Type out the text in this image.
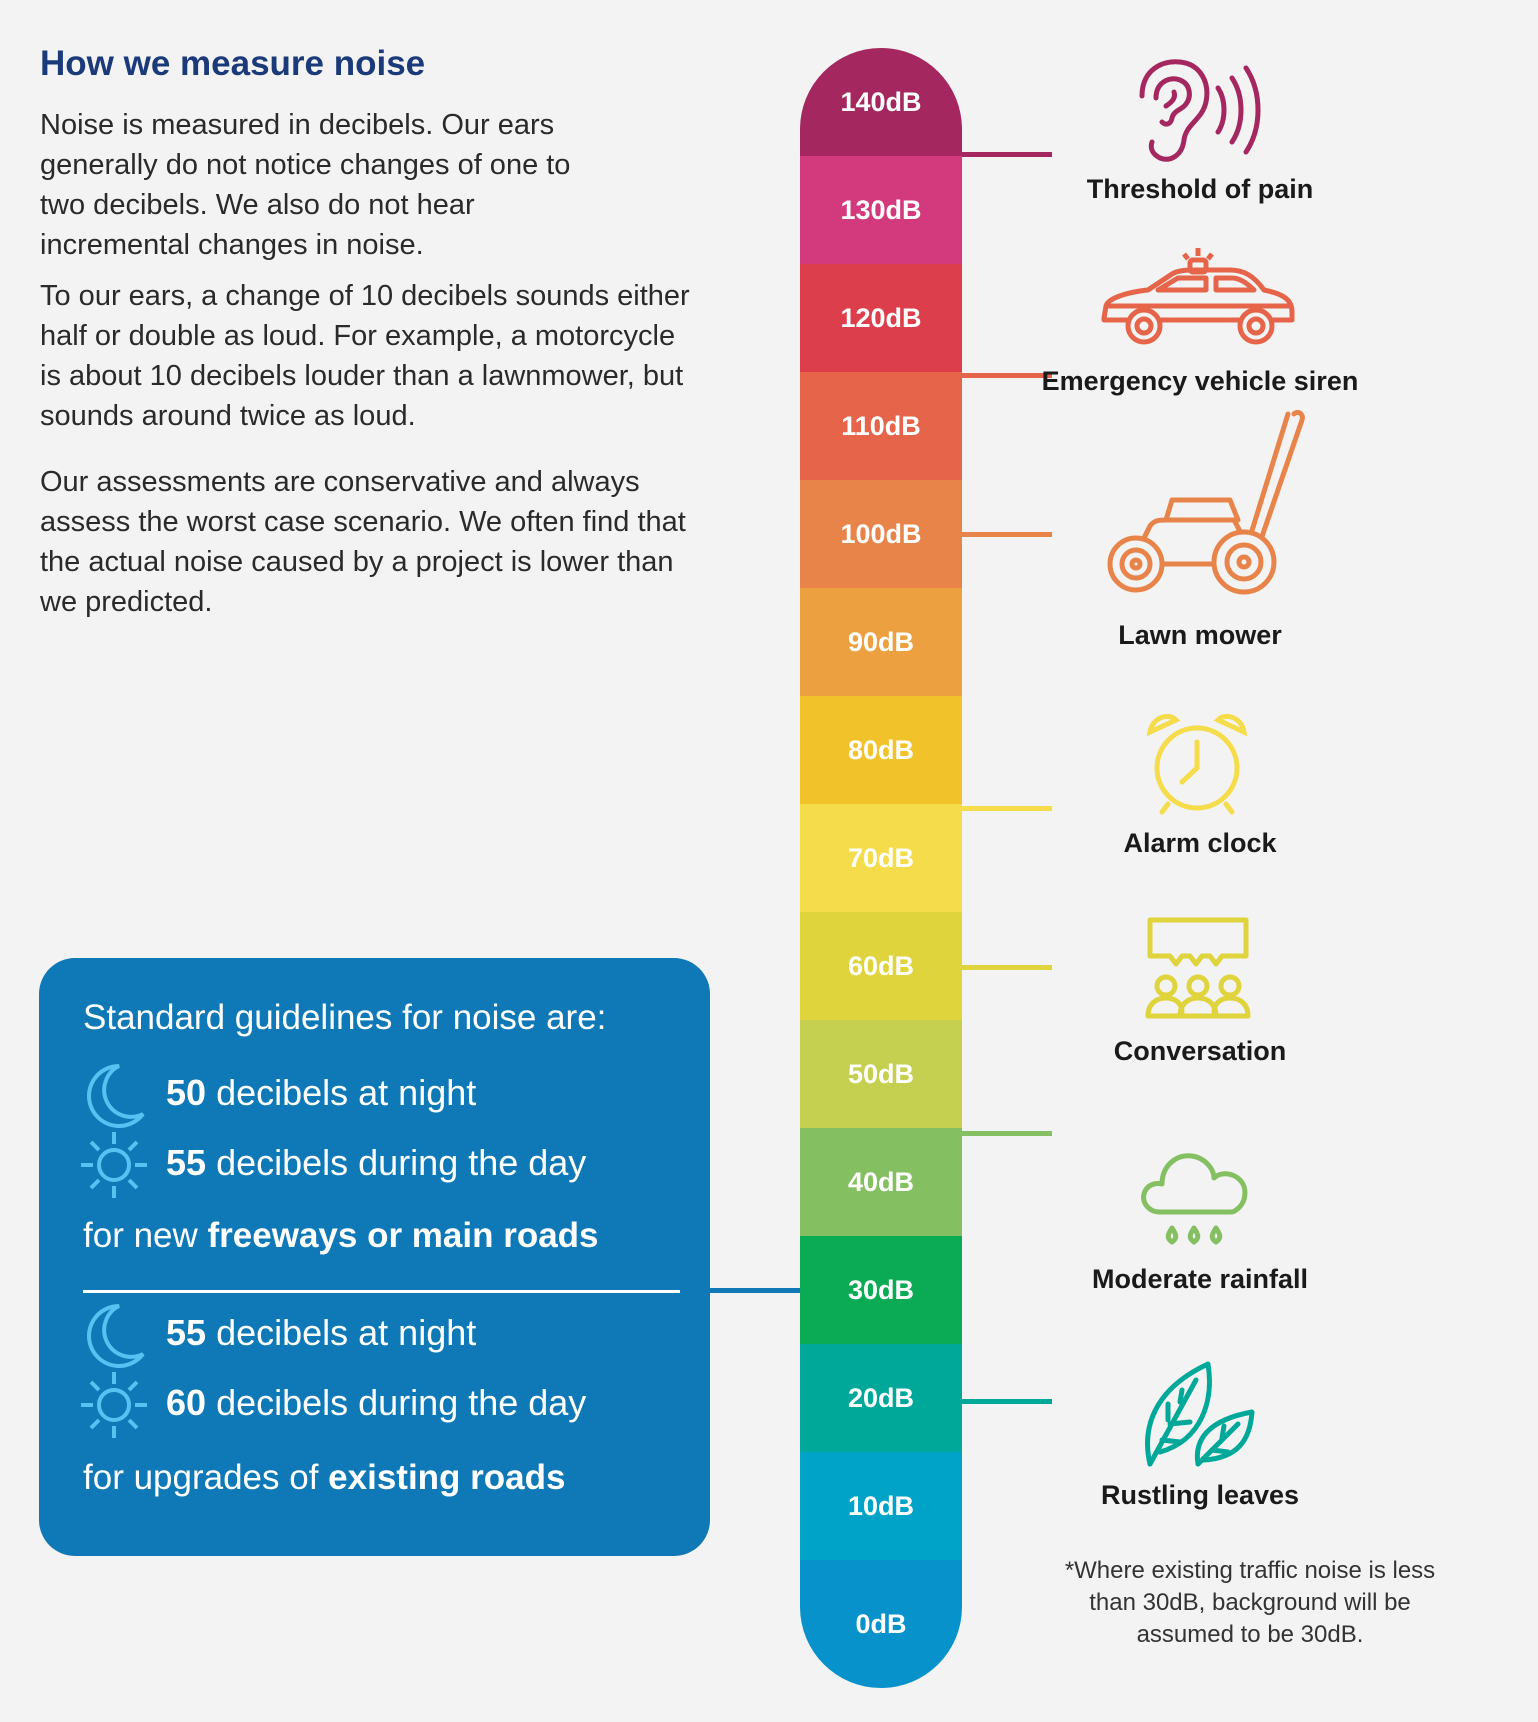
How we measure noise

Noise is measured in decibels. Our ears generally do not notice changes of one to two decibels. We also do not hear incremental changes in noise.

To our ears, a change of 10 decibels sounds either half or double as loud. For example, a motorcycle is about 10 decibels louder than a lawnmower, but sounds around twice as loud.

Our assessments are conservative and always assess the worst case scenario. We often find that the actual noise caused by a project is lower than we predicted.

Standard guidelines for noise are:
50 decibels at night
55 decibels during the day
for new freeways or main roads
55 decibels at night
60 decibels during the day
for upgrades of existing roads
140dB
130dB
120dB
110dB
100dB
90dB
80dB
70dB
60dB
50dB
40dB
30dB
20dB
10dB
0dB
Threshold of pain
Emergency vehicle siren
Lawn mower
Alarm clock
Conversation
Moderate rainfall
Rustling leaves
*Where existing traffic noise is less than 30dB, background will be assumed to be 30dB.
